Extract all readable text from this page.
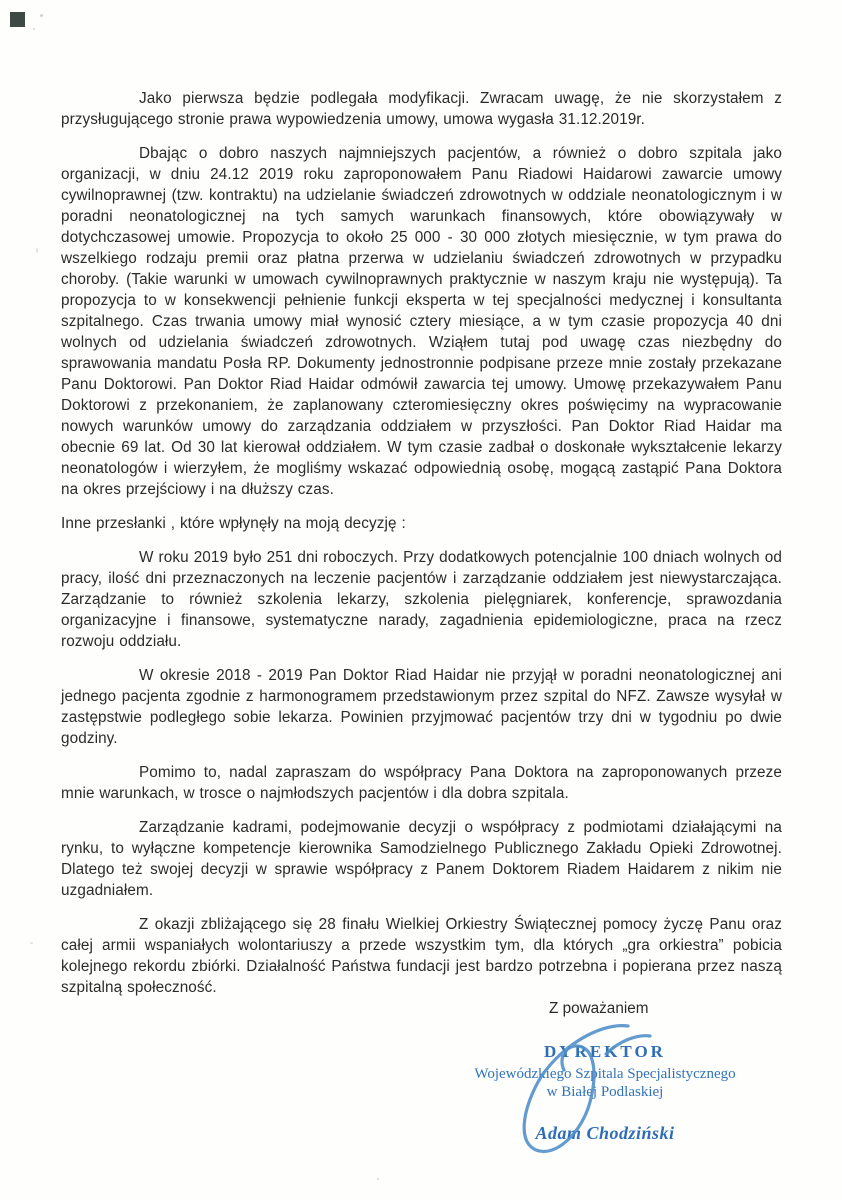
Jako pierwsza będzie podlegała modyfikacji. Zwracam uwagę, że nie skorzystałem z przysługującego stronie prawa wypowiedzenia umowy, umowa wygasła 31.12.2019r.

Dbając o dobro naszych najmniejszych pacjentów, a również o dobro szpitala jako organizacji, w dniu 24.12 2019 roku zaproponowałem Panu Riadowi Haidarowi zawarcie umowy cywilnoprawnej (tzw. kontraktu) na udzielanie świadczeń zdrowotnych w oddziale neonatologicznym i w poradni neonatologicznej na tych samych warunkach finansowych, które obowiązywały w dotychczasowej umowie. Propozycja to około 25 000 - 30 000 złotych miesięcznie, w tym prawa do wszelkiego rodzaju premii oraz płatna przerwa w udzielaniu świadczeń zdrowotnych w przypadku choroby. (Takie warunki w umowach cywilnoprawnych praktycznie w naszym kraju nie występują). Ta propozycja to w konsekwencji pełnienie funkcji eksperta w tej specjalności medycznej i konsultanta szpitalnego. Czas trwania umowy miał wynosić cztery miesiące, a w tym czasie propozycja 40 dni wolnych od udzielania świadczeń zdrowotnych. Wziąłem tutaj pod uwagę czas niezbędny do sprawowania mandatu Posła RP. Dokumenty jednostronnie podpisane przeze mnie zostały przekazane Panu Doktorowi. Pan Doktor Riad Haidar odmówił zawarcia tej umowy. Umowę przekazywałem Panu Doktorowi z przekonaniem, że zaplanowany czteromiesięczny okres poświęcimy na wypracowanie nowych warunków umowy do zarządzania oddziałem w przyszłości. Pan Doktor Riad Haidar ma obecnie 69 lat. Od 30 lat kierował oddziałem. W tym czasie zadbał o doskonałe wykształcenie lekarzy neonatologów i wierzyłem, że mogliśmy wskazać odpowiednią osobę, mogącą zastąpić Pana Doktora na okres przejściowy i na dłuższy czas.

Inne przesłanki , które wpłynęły na moją decyzję :

W roku 2019 było 251 dni roboczych. Przy dodatkowych potencjalnie 100 dniach wolnych od pracy, ilość dni przeznaczonych na leczenie pacjentów i zarządzanie oddziałem jest niewystarczająca. Zarządzanie to również szkolenia lekarzy, szkolenia pielęgniarek, konferencje, sprawozdania organizacyjne i finansowe, systematyczne narady, zagadnienia epidemiologiczne, praca na rzecz rozwoju oddziału.

W okresie 2018 - 2019 Pan Doktor Riad Haidar nie przyjął w poradni neonatologicznej ani jednego pacjenta zgodnie z harmonogramem przedstawionym przez szpital do NFZ. Zawsze wysyłał w zastępstwie podległego sobie lekarza. Powinien przyjmować pacjentów trzy dni w tygodniu po dwie godziny.

Pomimo to, nadal zapraszam do współpracy Pana Doktora na zaproponowanych przeze mnie warunkach, w trosce o najmłodszych pacjentów i dla dobra szpitala.

Zarządzanie kadrami, podejmowanie decyzji o współpracy z podmiotami działającymi na rynku, to wyłączne kompetencje kierownika Samodzielnego Publicznego Zakładu Opieki Zdrowotnej. Dlatego też swojej decyzji w sprawie współpracy z Panem Doktorem Riadem Haidarem z nikim nie uzgadniałem.

Z okazji zbliżającego się 28 finału Wielkiej Orkiestry Świątecznej pomocy życzę Panu oraz całej armii wspaniałych wolontariuszy a przede wszystkim tym, dla których „gra orkiestra” pobicia kolejnego rekordu zbiórki. Działalność Państwa fundacji jest bardzo potrzebna i popierana przez naszą szpitalną społeczność.

Z poważaniem
DYREKTOR
Wojewódzkiego Szpitala Specjalistycznego
w Białej Podlaskiej
Adam Chodziński
